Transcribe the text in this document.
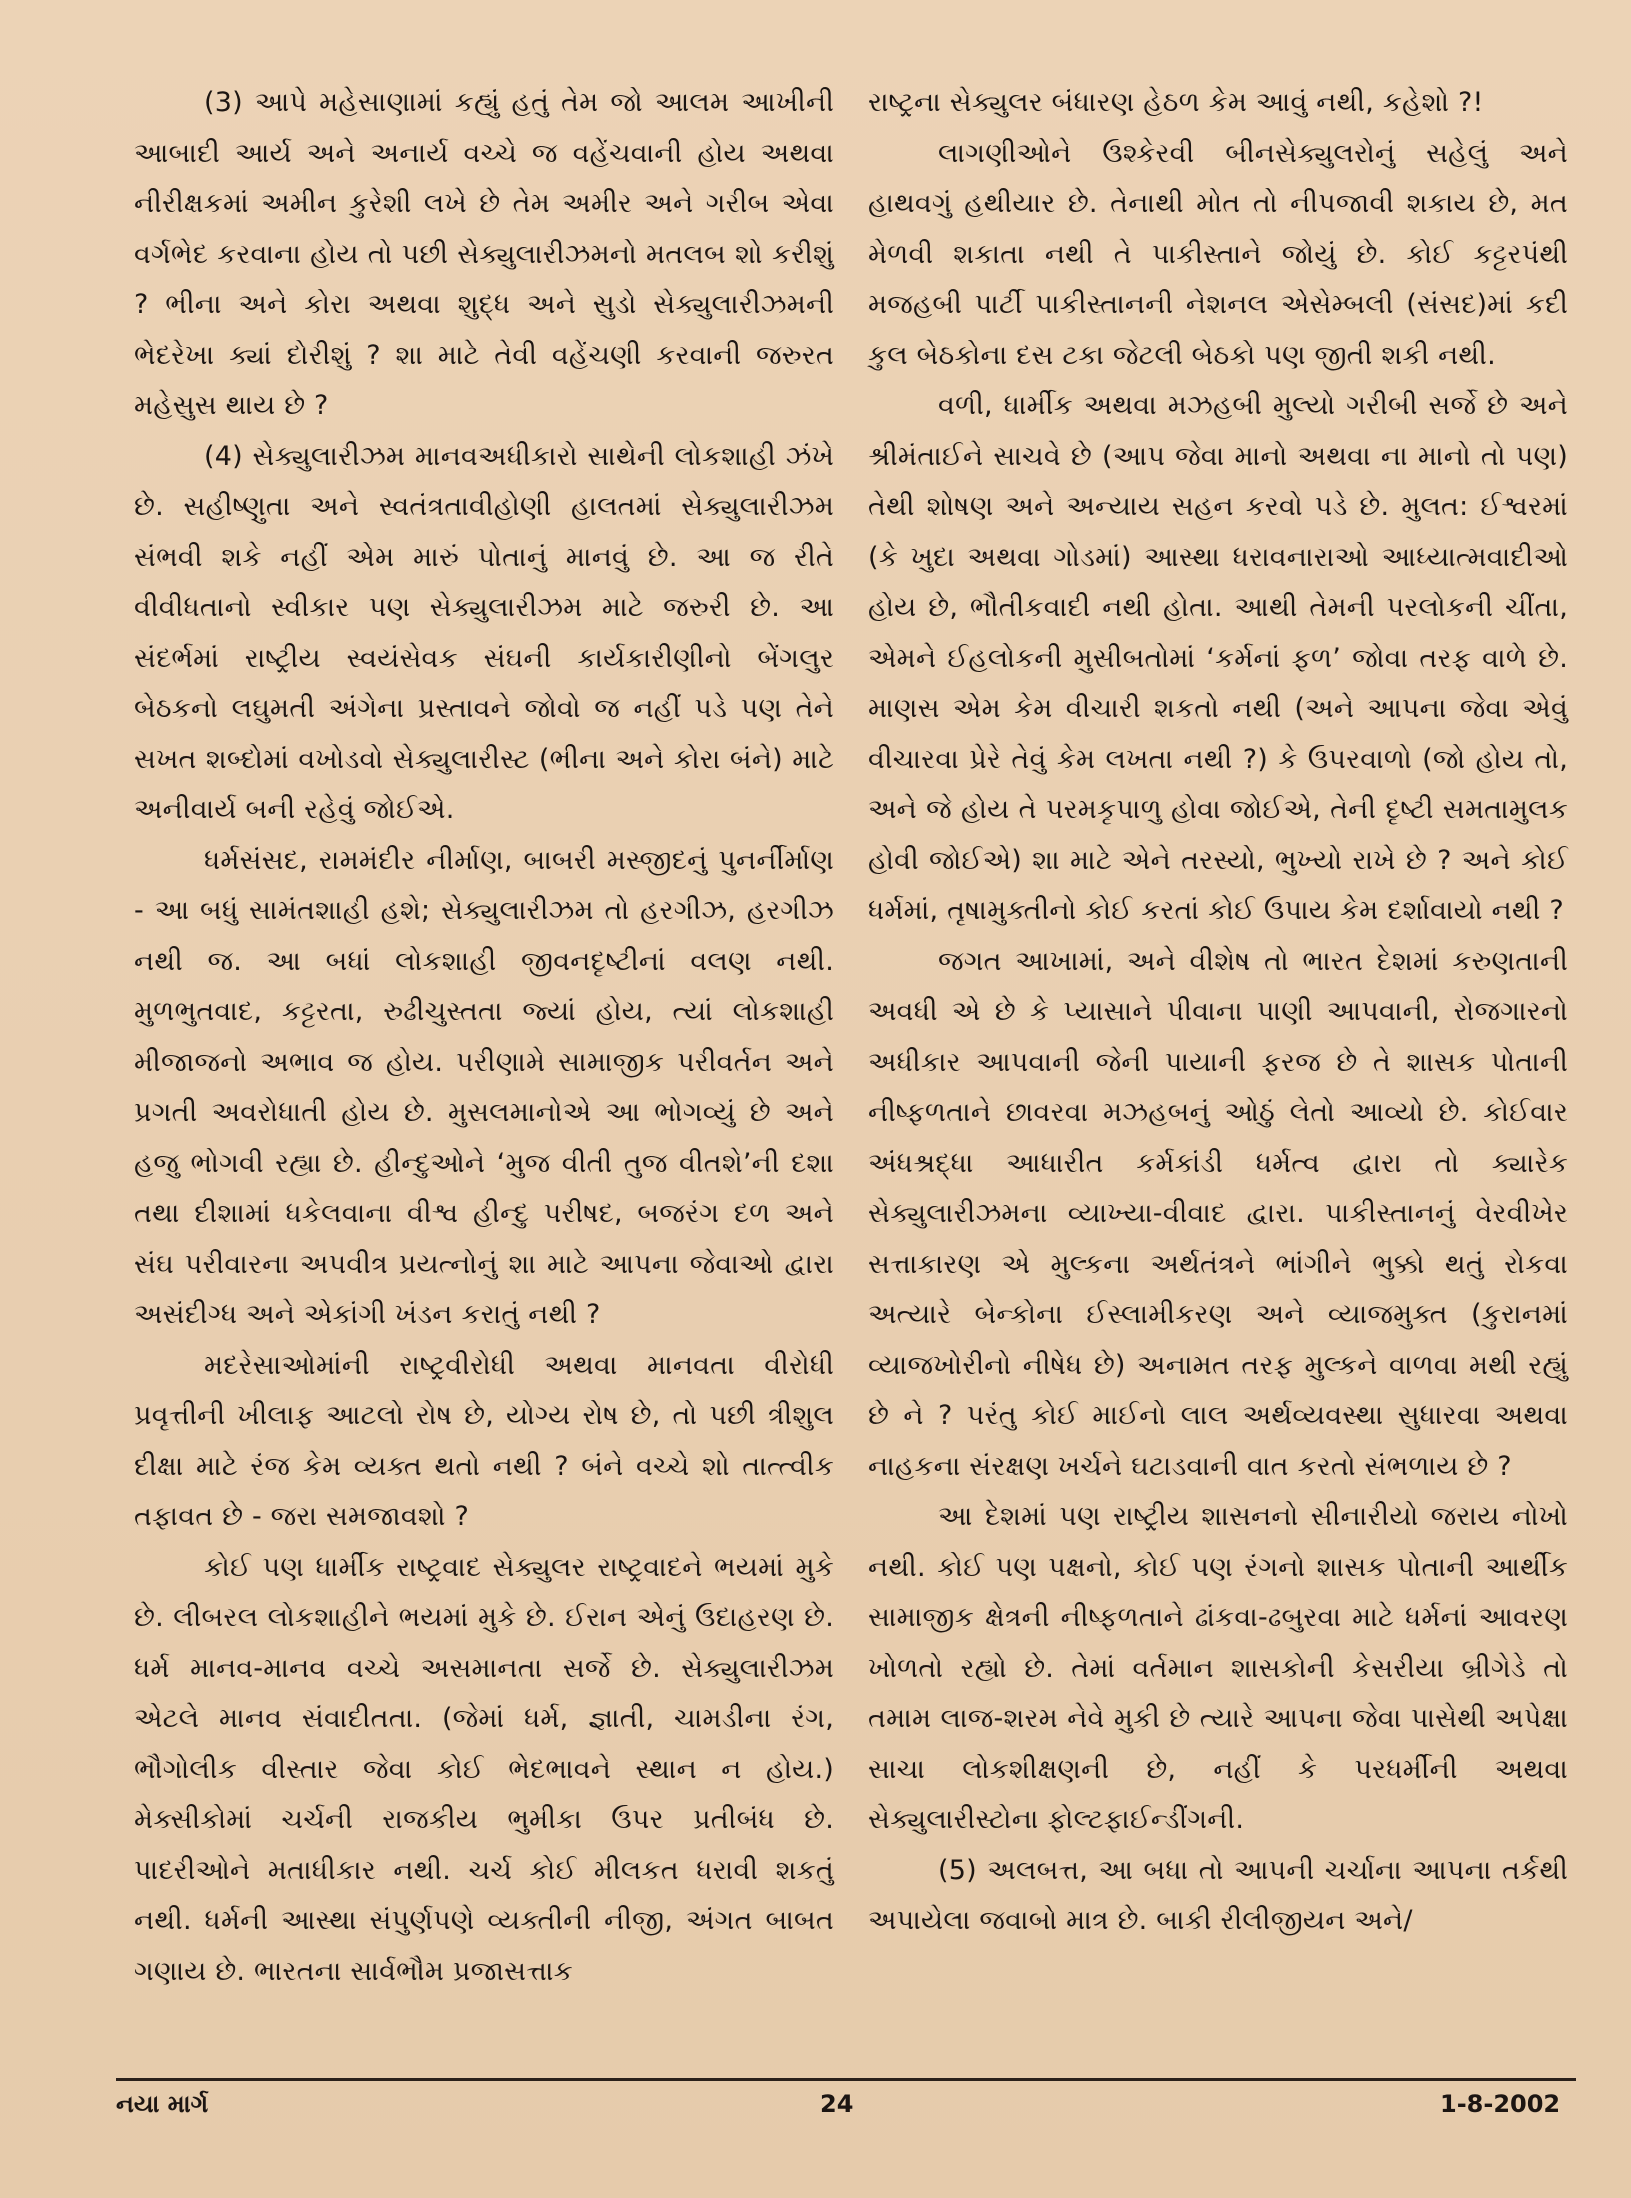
(3) આપે મહેસાણામાં કહ્યું હતું તેમ જો આલમ આખીની આબાદી આર્ય અને અનાર્ય વચ્ચે જ વહેંચવાની હોય અથવા નીરીક્ષકમાં અમીન કુરેશી લખે છે તેમ અમીર અને ગરીબ એવા વર્ગભેદ કરવાના હોય તો પછી સેક્યુલારીઝમનો મતલબ શો કરીશું ? ભીના અને કોરા અથવા શુદ્ધ અને સુડો સેક્યુલારીઝમની ભેદરેખા ક્યાં દોરીશું ? શા માટે તેવી વહેંચણી કરવાની જરુરત મહેસુસ થાય છે ?

(4) સેક્યુલારીઝમ માનવઅધીકારો સાથેની લોકશાહી ઝંખે છે. સહીષ્ણુતા અને સ્વતંત્રતાવીહોણી હાલતમાં સેક્યુલારીઝમ સંભવી શકે નહીં એમ મારું પોતાનું માનવું છે. આ જ રીતે વીવીધતાનો સ્વીકાર પણ સેક્યુલારીઝમ માટે જરુરી છે. આ સંદર્ભમાં રાષ્ટ્રીય સ્વયંસેવક સંઘની કાર્યકારીણીનો બેંગલુર બેઠકનો લઘુમતી અંગેના પ્રસ્તાવને જોવો જ નહીં પડે પણ તેને સખત શબ્દોમાં વખોડવો સેક્યુલારીસ્ટ (ભીના અને કોરા બંને) માટે અનીવાર્ય બની રહેવું જોઈએ.

ધર્મસંસદ, રામમંદીર નીર્માણ, બાબરી મસ્જીદનું પુનર્નીર્માણ - આ બધું સામંતશાહી હશે; સેક્યુલારીઝમ તો હરગીઝ, હરગીઝ નથી જ. આ બધાં લોકશાહી જીવનદૃષ્ટીનાં વલણ નથી. મુળભુતવાદ, કટ્ટરતા, રુઢીચુસ્તતા જ્યાં હોય, ત્યાં લોકશાહી મીજાજનો અભાવ જ હોય. પરીણામે સામાજીક પરીવર્તન અને પ્રગતી અવરોધાતી હોય છે. મુસલમાનોએ આ ભોગવ્યું છે અને હજુ ભોગવી રહ્યા છે. હીન્દુઓને ‘મુજ વીતી તુજ વીતશે’ની દશા તથા દીશામાં ધકેલવાના વીશ્વ હીન્દુ પરીષદ, બજરંગ દળ અને સંઘ પરીવારના અપવીત્ર પ્રયત્નોનું શા માટે આપના જેવાઓ દ્વારા અસંદીગ્ધ અને એકાંગી ખંડન કરાતું નથી ?

મદરેસાઓમાંની રાષ્ટ્રવીરોધી અથવા માનવતા વીરોધી પ્રવૃત્તીની ખીલાફ આટલો રોષ છે, યોગ્ય રોષ છે, તો પછી ત્રીશુલ દીક્ષા માટે રંજ કેમ વ્યક્ત થતો નથી ? બંને વચ્ચે શો તાત્ત્વીક તફાવત છે - જરા સમજાવશો ?

કોઈ પણ ધાર્મીક રાષ્ટ્રવાદ સેક્યુલર રાષ્ટ્રવાદને ભયમાં મુકે છે. લીબરલ લોકશાહીને ભયમાં મુકે છે. ઈરાન એનું ઉદાહરણ છે. ધર્મ માનવ-માનવ વચ્ચે અસમાનતા સર્જે છે. સેક્યુલારીઝમ એટલે માનવ સંવાદીતતા. (જેમાં ધર્મ, જ્ઞાતી, ચામડીના રંગ, ભૌગોલીક વીસ્તાર જેવા કોઈ ભેદભાવને સ્થાન ન હોય.) મેક્સીકોમાં ચર્ચની રાજકીય ભુમીકા ઉપર પ્રતીબંધ છે. પાદરીઓને મતાધીકાર નથી. ચર્ચ કોઈ મીલકત ધરાવી શકતું નથી. ધર્મની આસ્થા સંપુર્ણપણે વ્યક્તીની નીજી, અંગત બાબત ગણાય છે. ભારતના સાર્વભૌમ પ્રજાસત્તાક

રાષ્ટ્રના સેક્યુલર બંધારણ હેઠળ કેમ આવું નથી, કહેશો ?!

લાગણીઓને ઉશ્કેરવી બીનસેક્યુલરોનું સહેલું અને હાથવગું હથીયાર છે. તેનાથી મોત તો નીપજાવી શકાય છે, મત મેળવી શકાતા નથી તે પાકીસ્તાને જોયું છે. કોઈ કટ્ટરપંથી મજહબી પાર્ટી પાકીસ્તાનની નેશનલ એસેમ્બલી (સંસદ)માં કદી કુલ બેઠકોના દસ ટકા જેટલી બેઠકો પણ જીતી શકી નથી.

વળી, ધાર્મીક અથવા મઝહબી મુલ્યો ગરીબી સર્જે છે અને શ્રીમંતાઈને સાચવે છે (આપ જેવા માનો અથવા ના માનો તો પણ) તેથી શોષણ અને અન્યાય સહન કરવો પડે છે. મુલત: ઈશ્વરમાં (કે ખુદા અથવા ગોડમાં) આસ્થા ધરાવનારાઓ આધ્યાત્મવાદીઓ હોય છે, ભૌતીકવાદી નથી હોતા. આથી તેમની પરલોકની ચીંતા, એમને ઈહલોકની મુસીબતોમાં ‘કર્મનાં ફળ’ જોવા તરફ વાળે છે. માણસ એમ કેમ વીચારી શકતો નથી (અને આપના જેવા એવું વીચારવા પ્રેરે તેવું કેમ લખતા નથી ?) કે ઉપરવાળો (જો હોય તો, અને જે હોય તે પરમકૃપાળુ હોવા જોઈએ, તેની દૃષ્ટી સમતામુલક હોવી જોઈએ) શા માટે એને તરસ્યો, ભુખ્યો રાખે છે ? અને કોઈ ધર્મમાં, તૃષામુક્તીનો કોઈ કરતાં કોઈ ઉપાય કેમ દર્શાવાયો નથી ?

જગત આખામાં, અને વીશેષ તો ભારત દેશમાં કરુણતાની અવધી એ છે કે પ્યાસાને પીવાના પાણી આપવાની, રોજગારનો અધીકાર આપવાની જેની પાયાની ફરજ છે તે શાસક પોતાની નીષ્ફળતાને છાવરવા મઝહબનું ઓઠું લેતો આવ્યો છે. કોઈવાર અંધશ્રદ્ધા આધારીત કર્મકાંડી ધર્મત્વ દ્વારા તો ક્યારેક સેક્યુલારીઝમના વ્યાખ્યા-વીવાદ દ્વારા. પાકીસ્તાનનું વેરવીખેર સત્તાકારણ એ મુલ્કના અર્થતંત્રને ભાંગીને ભુક્કો થતું રોકવા અત્યારે બેન્કોના ઈસ્લામીકરણ અને વ્યાજમુક્ત (કુરાનમાં વ્યાજખોરીનો નીષેધ છે) અનામત તરફ મુલ્કને વાળવા મથી રહ્યું છે ને ? પરંતુ કોઈ માઈનો લાલ અર્થવ્યવસ્થા સુધારવા અથવા નાહકના સંરક્ષણ ખર્ચને ઘટાડવાની વાત કરતો સંભળાય છે ?

આ દેશમાં પણ રાષ્ટ્રીય શાસનનો સીનારીયો જરાય નોખો નથી. કોઈ પણ પક્ષનો, કોઈ પણ રંગનો શાસક પોતાની આર્થીક સામાજીક ક્ષેત્રની નીષ્ફળતાને ઢાંકવા-ઢબુરવા માટે ધર્મનાં આવરણ ખોળતો રહ્યો છે. તેમાં વર્તમાન શાસકોની કેસરીયા બ્રીગેડે તો તમામ લાજ-શરમ નેવે મુકી છે ત્યારે આપના જેવા પાસેથી અપેક્ષા સાચા લોકશીક્ષણની છે, નહીં કે પરધર્મીની અથવા સેક્યુલારીસ્ટોના ફોલ્ટફાઈન્ડીંગની.

(5) અલબત્ત, આ બધા તો આપની ચર્ચાના આપના તર્કથી અપાયેલા જવાબો માત્ર છે. બાકી રીલીજીયન અને/

નયા માર્ગ	24	1-8-2002
